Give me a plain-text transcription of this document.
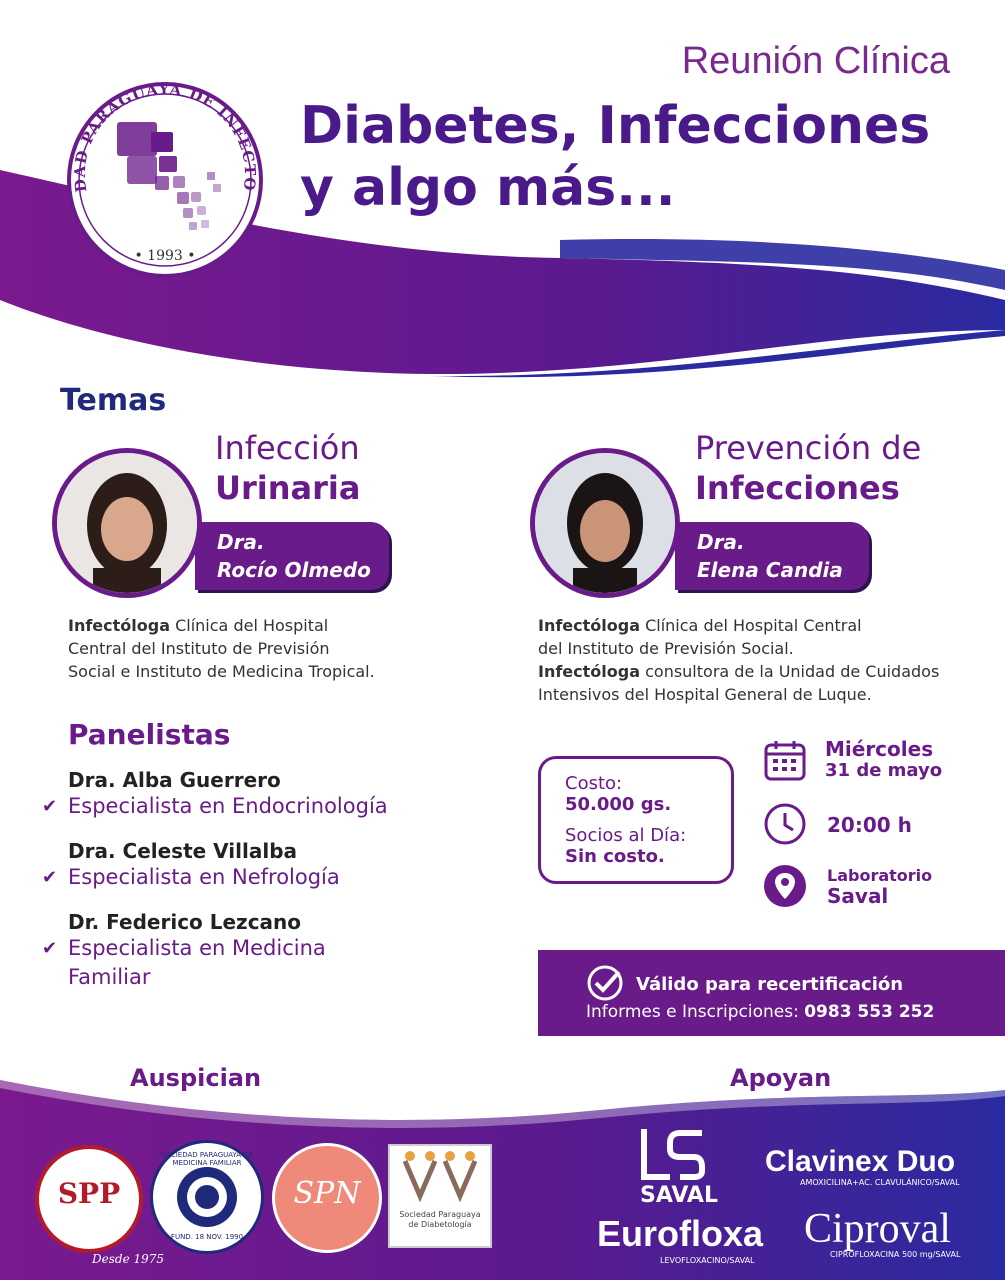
DAD PARAGUAYA DE INFECTO
• 1993 •
Reunión Clínica
Diabetes, Infecciones
y algo más...
Temas
Infección
Urinaria
Dra.
Rocío Olmedo
Infectóloga Clínica del Hospital
Central del Instituto de Previsión
Social e Instituto de Medicina Tropical.
Prevención de
Infecciones
Dra.
Elena Candia
Infectóloga Clínica del Hospital Central
del Instituto de Previsión Social.
Infectóloga consultora de la Unidad de Cuidados
Intensivos del Hospital General de Luque.
Panelistas
Dra. Alba Guerrero
✔ Especialista en Endocrinología
Dra. Celeste Villalba
✔ Especialista en Nefrología
Dr. Federico Lezcano
✔ Especialista en Medicina
Familiar
Costo:
50.000 gs.
Socios al Día:
Sin costo.
Miércoles
31 de mayo
20:00 h
Laboratorio
Saval
Válido para recertificación
Informes e Inscripciones: 0983 553 252
Auspician	Apoyan
SPP
Desde 1975
SOCIEDAD PARAGUAYA DE MEDICINA FAMILIAR
FUND. 18 NOV. 1990
SPN
Sociedad Paraguaya de Diabetología
SAVAL
Clavinex Duo
AMOXICILINA+AC. CLAVULÁNICO/SAVAL
Eurofloxa
LEVOFLOXACINO/SAVAL
Ciproval
CIPROFLOXACINA 500 mg/SAVAL
